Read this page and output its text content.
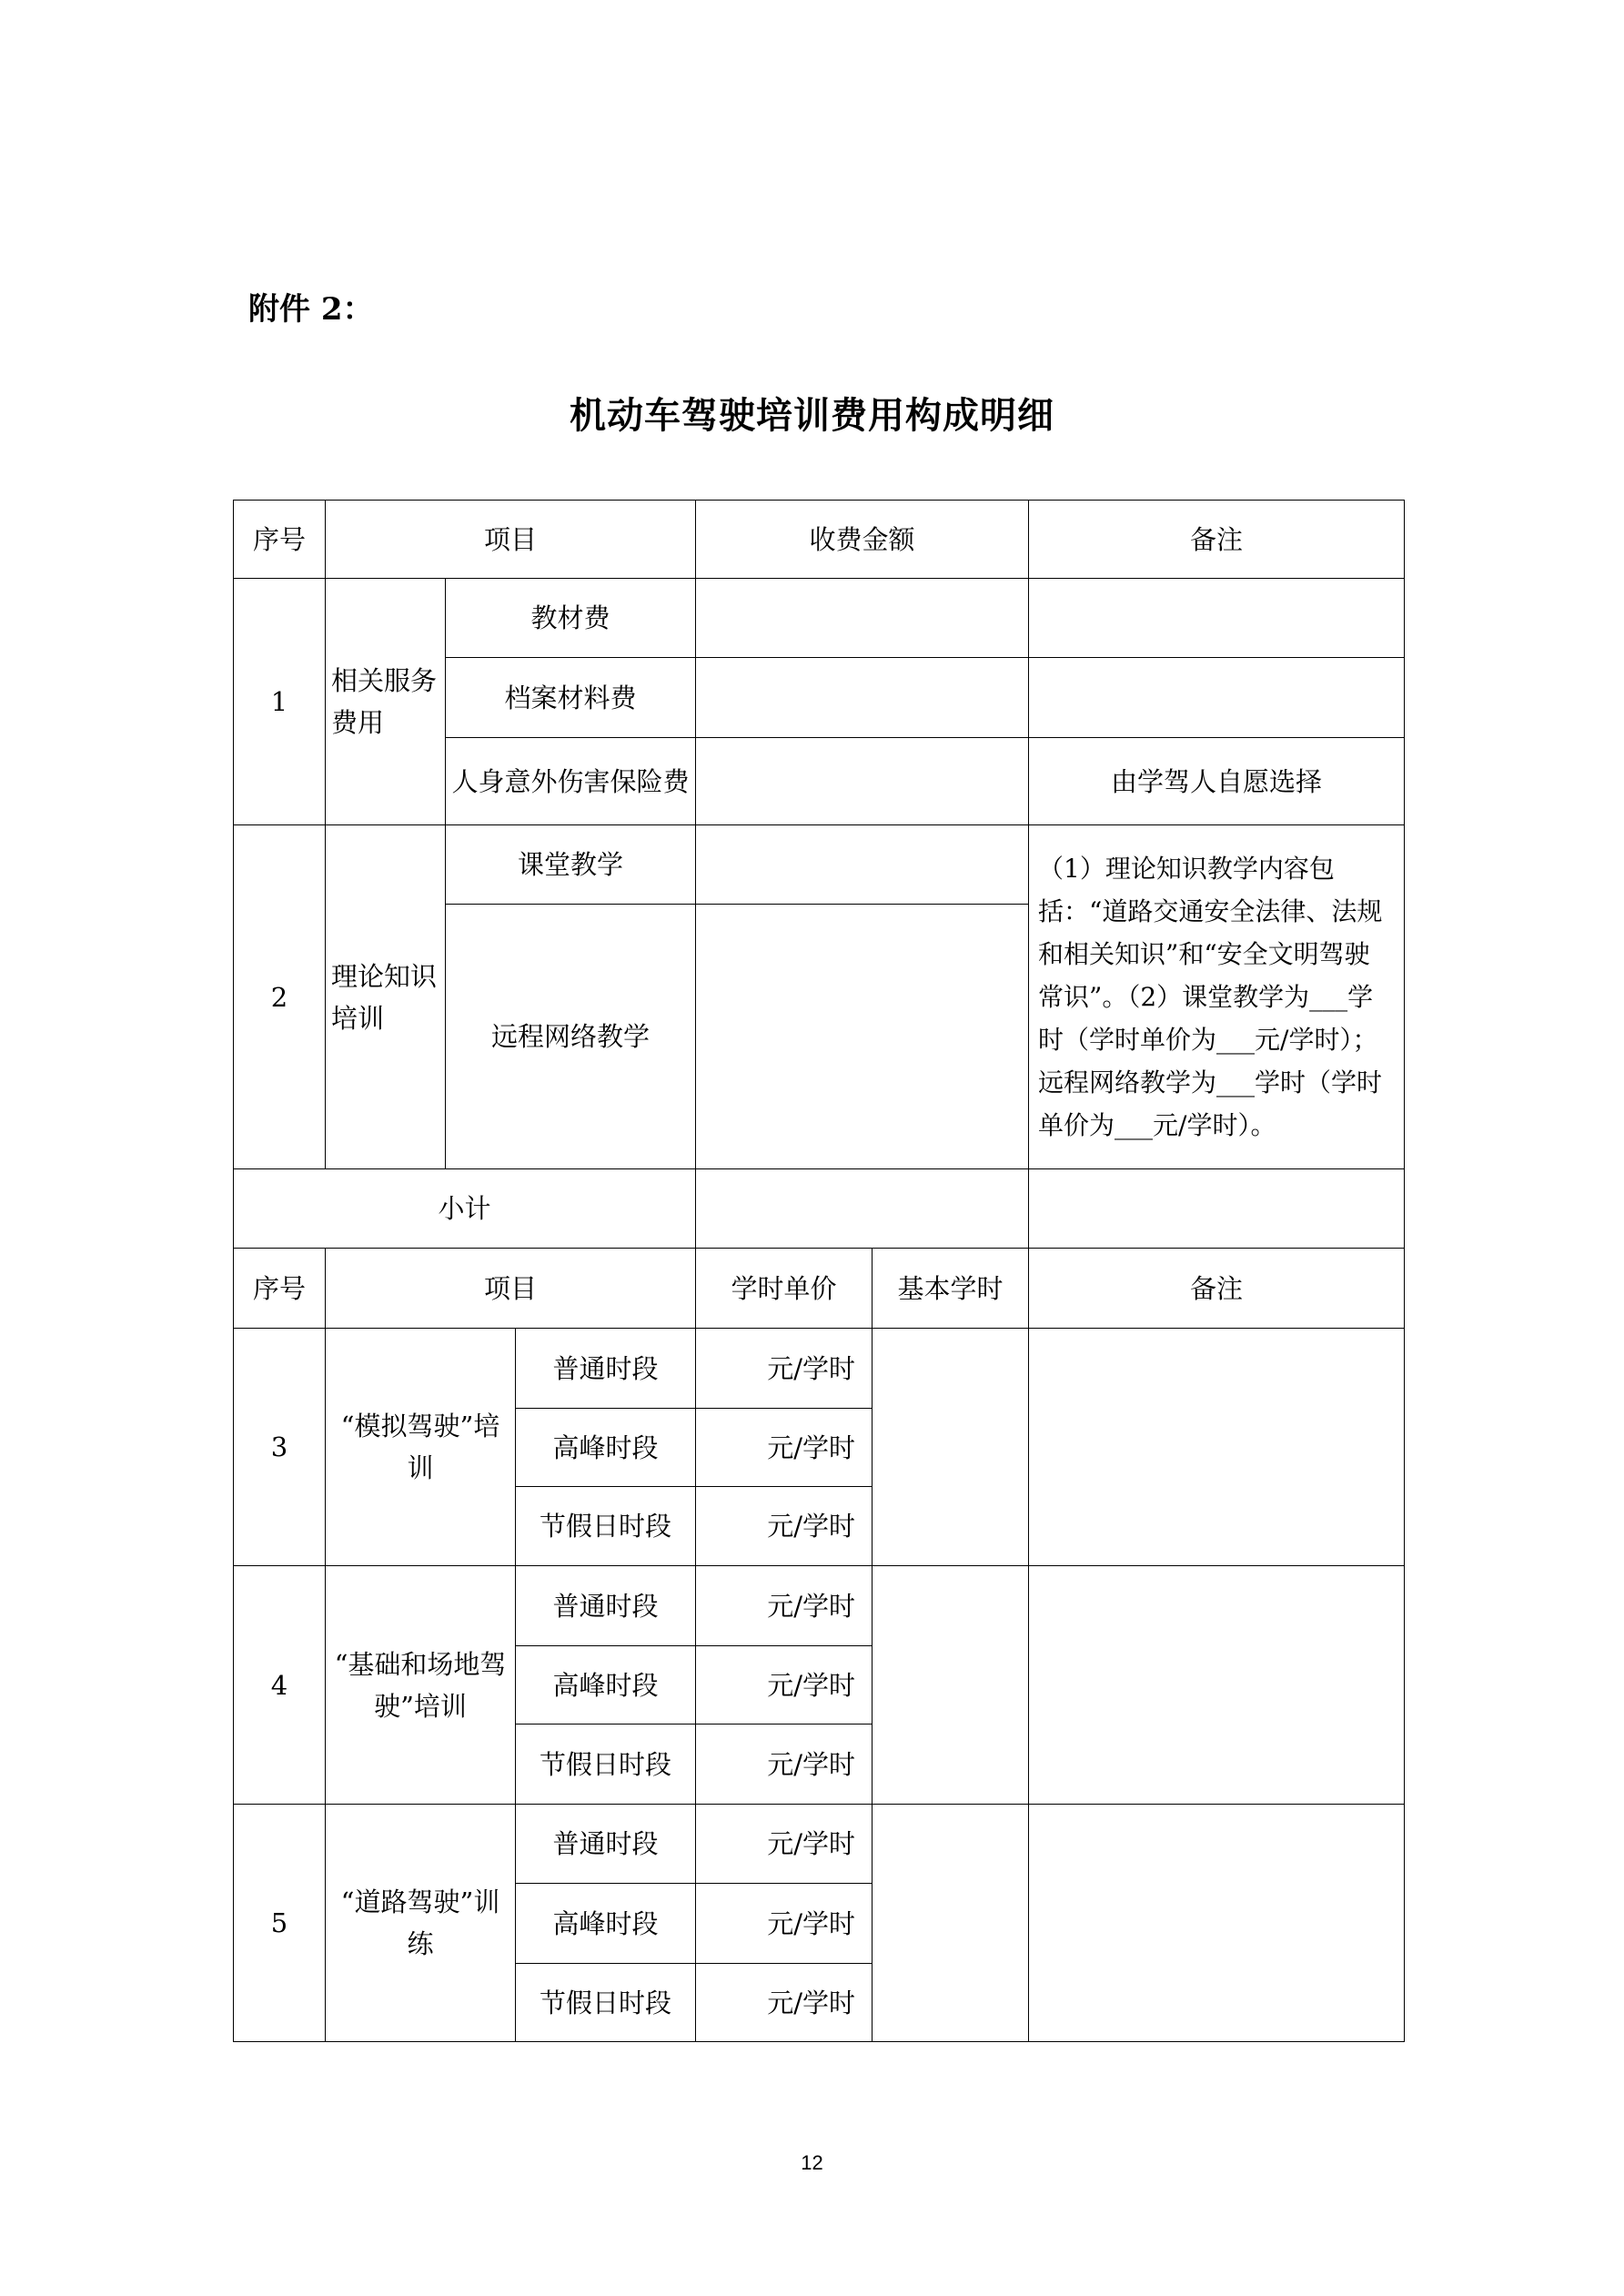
附件 2：
机动车驾驶培训费用构成明细
序号	项目			收费金额		备注
1	相关服务费用	教材费				
		档案材料费				
		人身意外伤害保险费				由学驾人自愿选择
2	理论知识培训	课堂教学				（1）理论知识教学内容包括：“道路交通安全法律、法规和相关知识”和“安全文明驾驶常识”。（2）课堂教学为___学时（学时单价为___元/学时）；远程网络教学为___学时（学时单价为___元/学时）。
		远程网络教学				
小计						
序号	项目			学时单价	基本学时	备注
3	“模拟驾驶”培训		普通时段	元/学时		
			高峰时段	元/学时		
			节假日时段	元/学时		
4	“基础和场地驾驶”培训		普通时段	元/学时		
			高峰时段	元/学时		
			节假日时段	元/学时		
5	“道路驾驶”训练		普通时段	元/学时		
			高峰时段	元/学时		
			节假日时段	元/学时		
12
